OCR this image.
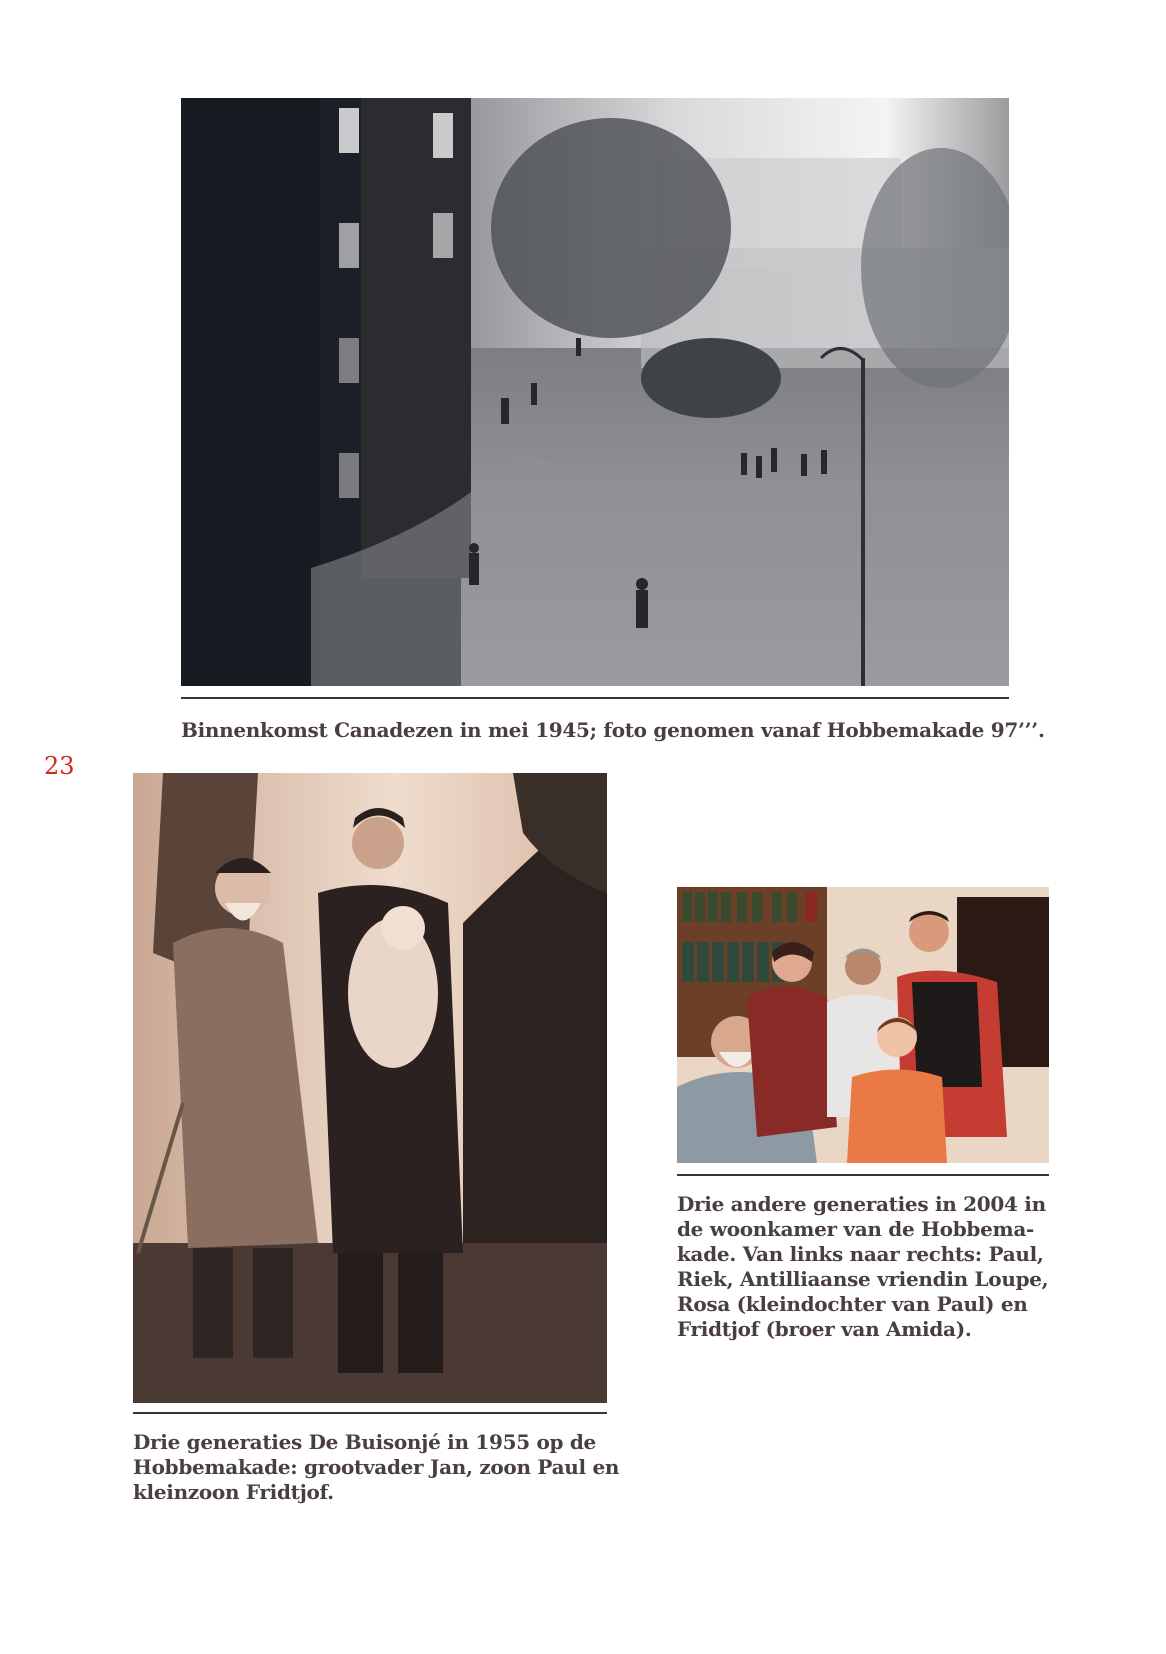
23

Binnenkomst Canadezen in mei 1945; foto genomen vanaf Hobbemakade 97’’’.

Drie generaties De Buisonjé in 1955 op de

Hobbemakade: grootvader Jan, zoon Paul en

kleinzoon Fridtjof.

Drie andere generaties in 2004 in

de woonkamer van de Hobbema-

kade. Van links naar rechts: Paul,

Riek, Antilliaanse vriendin Loupe,

Rosa (kleindochter van Paul) en

Fridtjof (broer van Amida).
